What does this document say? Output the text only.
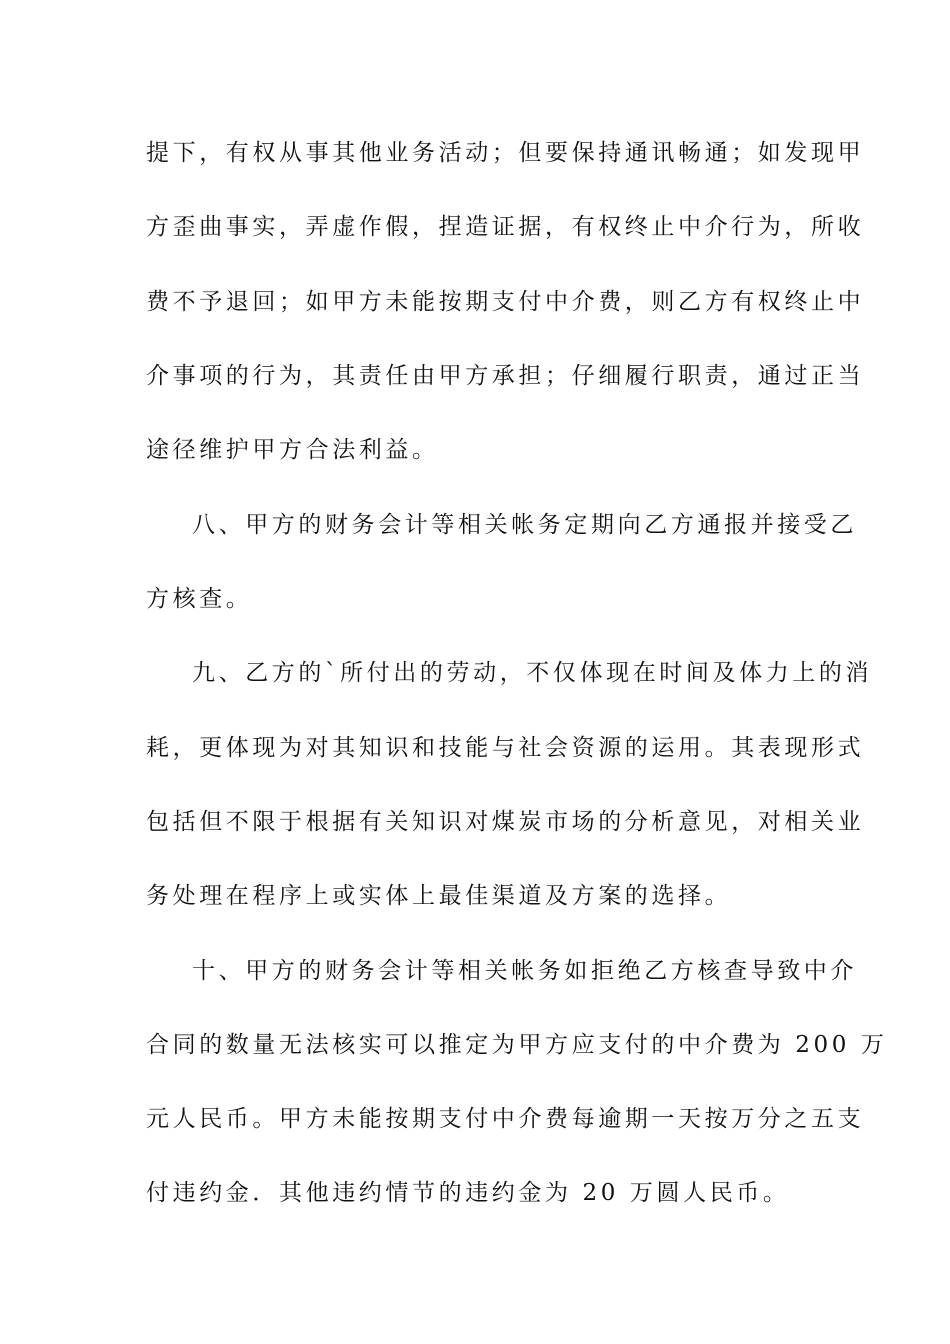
提下，有权从事其他业务活动；但要保持通讯畅通；如发现甲
方歪曲事实，弄虚作假，捏造证据，有权终止中介行为，所收
费不予退回；如甲方未能按期支付中介费，则乙方有权终止中
介事项的行为，其责任由甲方承担；仔细履行职责，通过正当
途径维护甲方合法利益。
八、甲方的财务会计等相关帐务定期向乙方通报并接受乙
方核查。
九、乙方的`所付出的劳动，不仅体现在时间及体力上的消
耗，更体现为对其知识和技能与社会资源的运用。其表现形式
包括但不限于根据有关知识对煤炭市场的分析意见，对相关业
务处理在程序上或实体上最佳渠道及方案的选择。
十、甲方的财务会计等相关帐务如拒绝乙方核查导致中介
合同的数量无法核实可以推定为甲方应支付的中介费为 200 万
元人民币。甲方未能按期支付中介费每逾期一天按万分之五支
付违约金．其他违约情节的违约金为 20 万圆人民币。
